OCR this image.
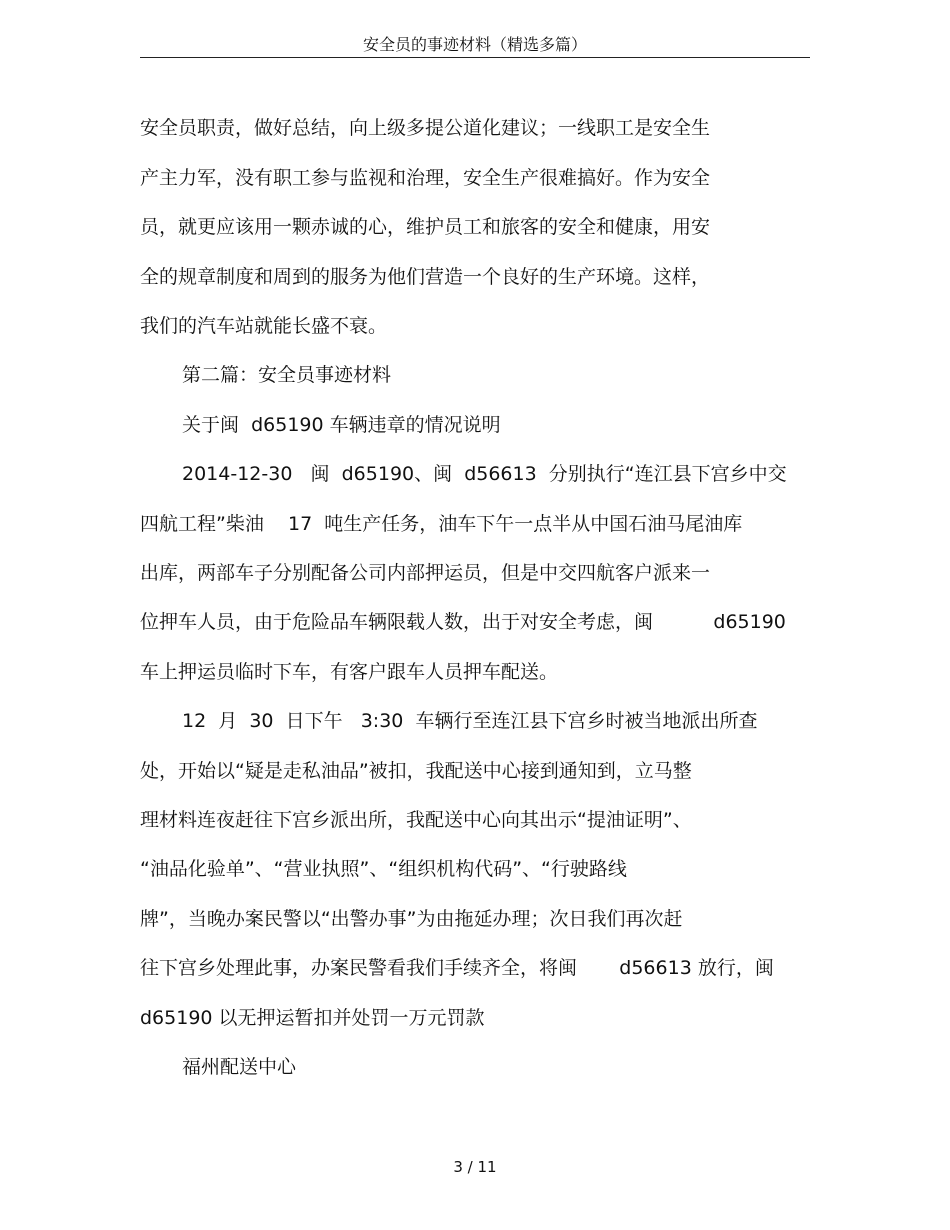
安全员的事迹材料（精选多篇）
安全员职责，做好总结，向上级多提公道化建议；一线职工是安全生
产主力军，没有职工参与监视和治理，安全生产很难搞好。作为安全
员，就更应该用一颗赤诚的心，维护员工和旅客的安全和健康，用安
全的规章制度和周到的服务为他们营造一个良好的生产环境。这样，
我们的汽车站就能长盛不衰。
第二篇：安全员事迹材料
关于闽  d65190 车辆违章的情况说明
2014-12-30   闽  d65190、闽  d56613  分别执行“连江县下宫乡中交
四航工程”柴油    17  吨生产任务，油车下午一点半从中国石油马尾油库
出库，两部车子分别配备公司内部押运员，但是中交四航客户派来一
位押车人员，由于危险品车辆限载人数，出于对安全考虑，闽          d65190
车上押运员临时下车，有客户跟车人员押车配送。
12  月  30  日下午   3:30  车辆行至连江县下宫乡时被当地派出所查
处，开始以“疑是走私油品”被扣，我配送中心接到通知到，立马整
理材料连夜赶往下宫乡派出所，我配送中心向其出示“提油证明”、
“油品化验单”、“营业执照”、“组织机构代码”、“行驶路线
牌”，当晚办案民警以“出警办事”为由拖延办理；次日我们再次赶
往下宫乡处理此事，办案民警看我们手续齐全，将闽       d56613 放行，闽
d65190 以无押运暂扣并处罚一万元罚款
福州配送中心
3 / 11
